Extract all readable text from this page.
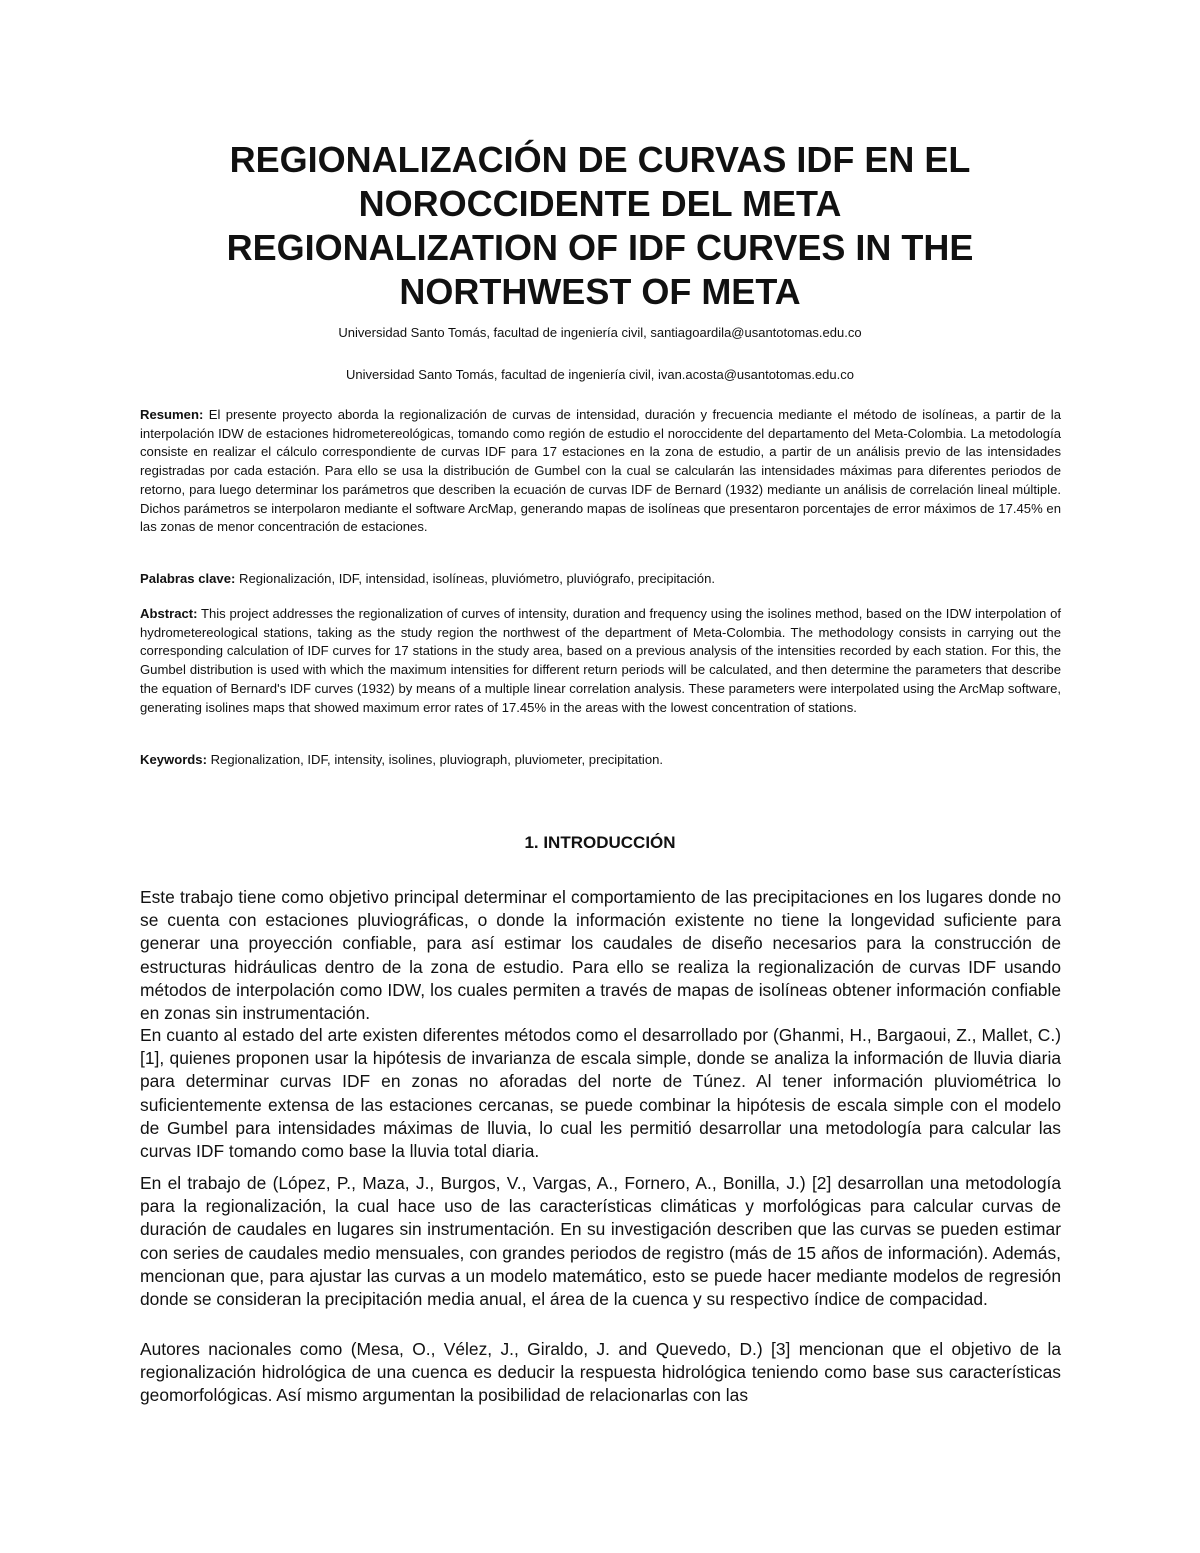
REGIONALIZACIÓN DE CURVAS IDF EN EL
NOROCCIDENTE DEL META
REGIONALIZATION OF IDF CURVES IN THE
NORTHWEST OF META

Universidad Santo Tomás, facultad de ingeniería civil, santiagoardila@usantotomas.edu.co

Universidad Santo Tomás, facultad de ingeniería civil, ivan.acosta@usantotomas.edu.co

Resumen: El presente proyecto aborda la regionalización de curvas de intensidad, duración y frecuencia mediante el método de isolíneas, a partir de la interpolación IDW de estaciones hidrometereológicas, tomando como región de estudio el noroccidente del departamento del Meta-Colombia. La metodología consiste en realizar el cálculo correspondiente de curvas IDF para 17 estaciones en la zona de estudio, a partir de un análisis previo de las intensidades registradas por cada estación. Para ello se usa la distribución de Gumbel con la cual se calcularán las intensidades máximas para diferentes periodos de retorno, para luego determinar los parámetros que describen la ecuación de curvas IDF de Bernard (1932) mediante un análisis de correlación lineal múltiple. Dichos parámetros se interpolaron mediante el software ArcMap, generando mapas de isolíneas que presentaron porcentajes de error máximos de 17.45% en las zonas de menor concentración de estaciones.

Palabras clave: Regionalización, IDF, intensidad, isolíneas, pluviómetro, pluviógrafo, precipitación.

Abstract: This project addresses the regionalization of curves of intensity, duration and frequency using the isolines method, based on the IDW interpolation of hydrometereological stations, taking as the study region the northwest of the department of Meta-Colombia. The methodology consists in carrying out the corresponding calculation of IDF curves for 17 stations in the study area, based on a previous analysis of the intensities recorded by each station. For this, the Gumbel distribution is used with which the maximum intensities for different return periods will be calculated, and then determine the parameters that describe the equation of Bernard's IDF curves (1932) by means of a multiple linear correlation analysis. These parameters were interpolated using the ArcMap software, generating isolines maps that showed maximum error rates of 17.45% in the areas with the lowest concentration of stations.

Keywords: Regionalization, IDF, intensity, isolines, pluviograph, pluviometer, precipitation.

1. INTRODUCCIÓN

Este trabajo tiene como objetivo principal determinar el comportamiento de las precipitaciones en los lugares donde no se cuenta con estaciones pluviográficas, o donde la información existente no tiene la longevidad suficiente para generar una proyección confiable, para así estimar los caudales de diseño necesarios para la construcción de estructuras hidráulicas dentro de la zona de estudio. Para ello se realiza la regionalización de curvas IDF usando métodos de interpolación como IDW, los cuales permiten a través de mapas de isolíneas obtener información confiable en zonas sin instrumentación.

En cuanto al estado del arte existen diferentes métodos como el desarrollado por (Ghanmi, H., Bargaoui, Z., Mallet, C.) [1], quienes proponen usar la hipótesis de invarianza de escala simple, donde se analiza la información de lluvia diaria para determinar curvas IDF en zonas no aforadas del norte de Túnez. Al tener información pluviométrica lo suficientemente extensa de las estaciones cercanas, se puede combinar la hipótesis de escala simple con el modelo de Gumbel para intensidades máximas de lluvia, lo cual les permitió desarrollar una metodología para calcular las curvas IDF tomando como base la lluvia total diaria.

En el trabajo de (López, P., Maza, J., Burgos, V., Vargas, A., Fornero, A., Bonilla, J.) [2] desarrollan una metodología para la regionalización, la cual hace uso de las características climáticas y morfológicas para calcular curvas de duración de caudales en lugares sin instrumentación. En su investigación describen que las curvas se pueden estimar con series de caudales medio mensuales, con grandes periodos de registro (más de 15 años de información). Además, mencionan que, para ajustar las curvas a un modelo matemático, esto se puede hacer mediante modelos de regresión donde se consideran la precipitación media anual, el área de la cuenca y su respectivo índice de compacidad.

Autores nacionales como (Mesa, O., Vélez, J., Giraldo, J. and Quevedo, D.) [3] mencionan que el objetivo de la regionalización hidrológica de una cuenca es deducir la respuesta hidrológica teniendo como base sus características geomorfológicas. Así mismo argumentan la posibilidad de relacionarlas con las
